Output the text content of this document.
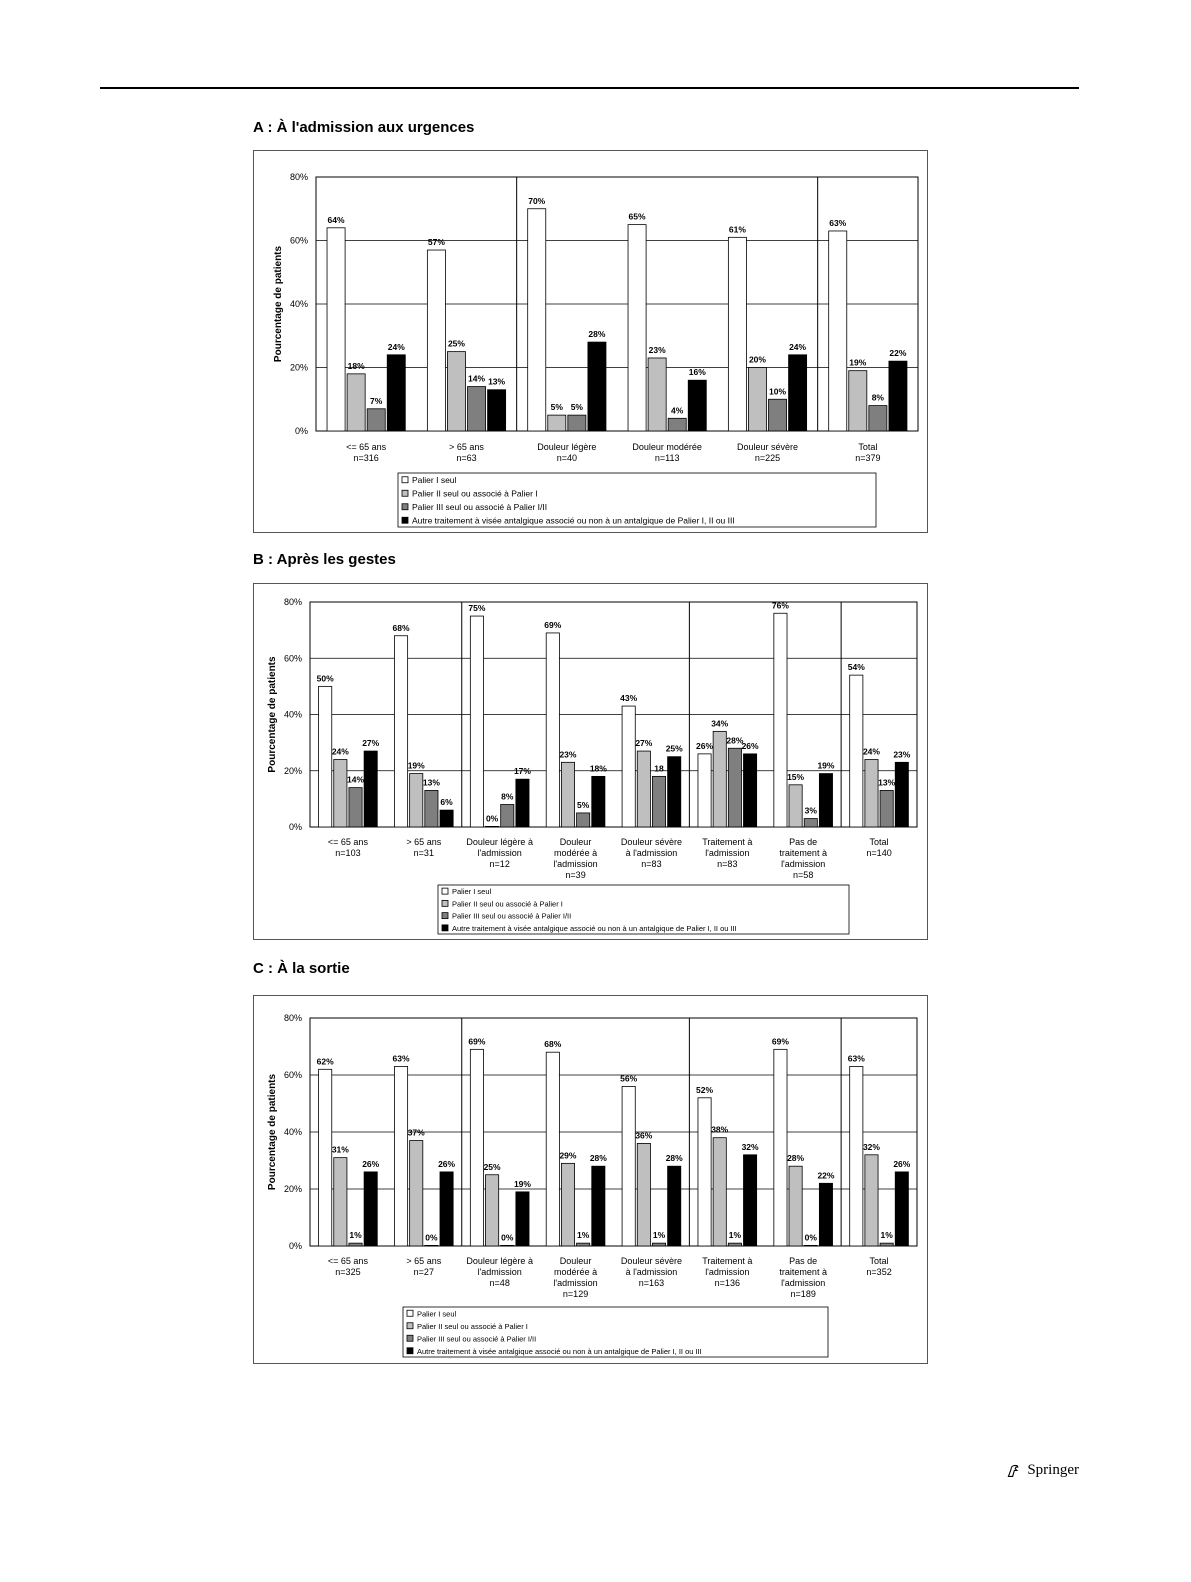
A : À l'admission aux urgences
0%
20%
40%
60%
80%
Pourcentage de patients
64%
18%
7%
24%
<= 65 ans
n=316
57%
25%
14% 13%
> 65 ans
n=63
70%
5% 5%
28%
Douleur légère
n=40
65%
23%
4%
16%
Douleur modérée
n=113
61%
20%
10%
24%
Douleur sévère
n=225
63%
19%
8%
22%
Total
n=379
Palier I seul
Palier II seul ou associé à Palier I
Palier III seul ou associé à Palier I/II
Autre traitement à visée antalgique associé ou non à un antalgique de Palier I, II ou III
B : Après les gestes
0%
20%
40%
60%
80%
Pourcentage de patients	50%
24%
14%
27%
<= 65 ans
n=103
68%
19%
13%
6%
> 65 ans
n=31
75%
0%
8%
17%
Douleur légère à
l'admission
n=12
69%
23%
5%
18%
Douleur
modérée à
l'admission
n=39
43%
27%
18
25%
Douleur sévère
à l'admission
n=83
26%
34%
28%
26%
Traitement à
l'admission
n=83
76%
15%
3%
19%
Pas de
traitement à
l'admission
n=58
54%
24%
13%
23%
Total
n=140
Palier I seul
Palier II seul ou associé à Palier I
Palier III seul ou associé à Palier I/II
Autre traitement à visée antalgique associé ou non à un antalgique de Palier I, II ou III
C : À la sortie
0%
20%
40%
60%
80%
Pourcentage de patients
62%
31%
1%
26%
<= 65 ans
n=325
63%
37%
0%
26%
> 65 ans
n=27
69%
25%
0%
19%
Douleur légère à
l'admission
n=48
68%
29%
1%
28%
Douleur
modérée à
l'admission
n=129
56%
36%
1%
28%
Douleur sévère
à l'admission
n=163
52%
38%
1%
32%
Traitement à
l'admission
n=136
69%
28%
0%
22%
Pas de
traitement à
l'admission
n=189
63%
32%
1%
26%
Total
n=352
Palier I seul
Palier II seul ou associé à Palier I
Palier III seul ou associé à Palier I/II
Autre traitement à visée antalgique associé ou non à un antalgique de Palier I, II ou III
Springer
